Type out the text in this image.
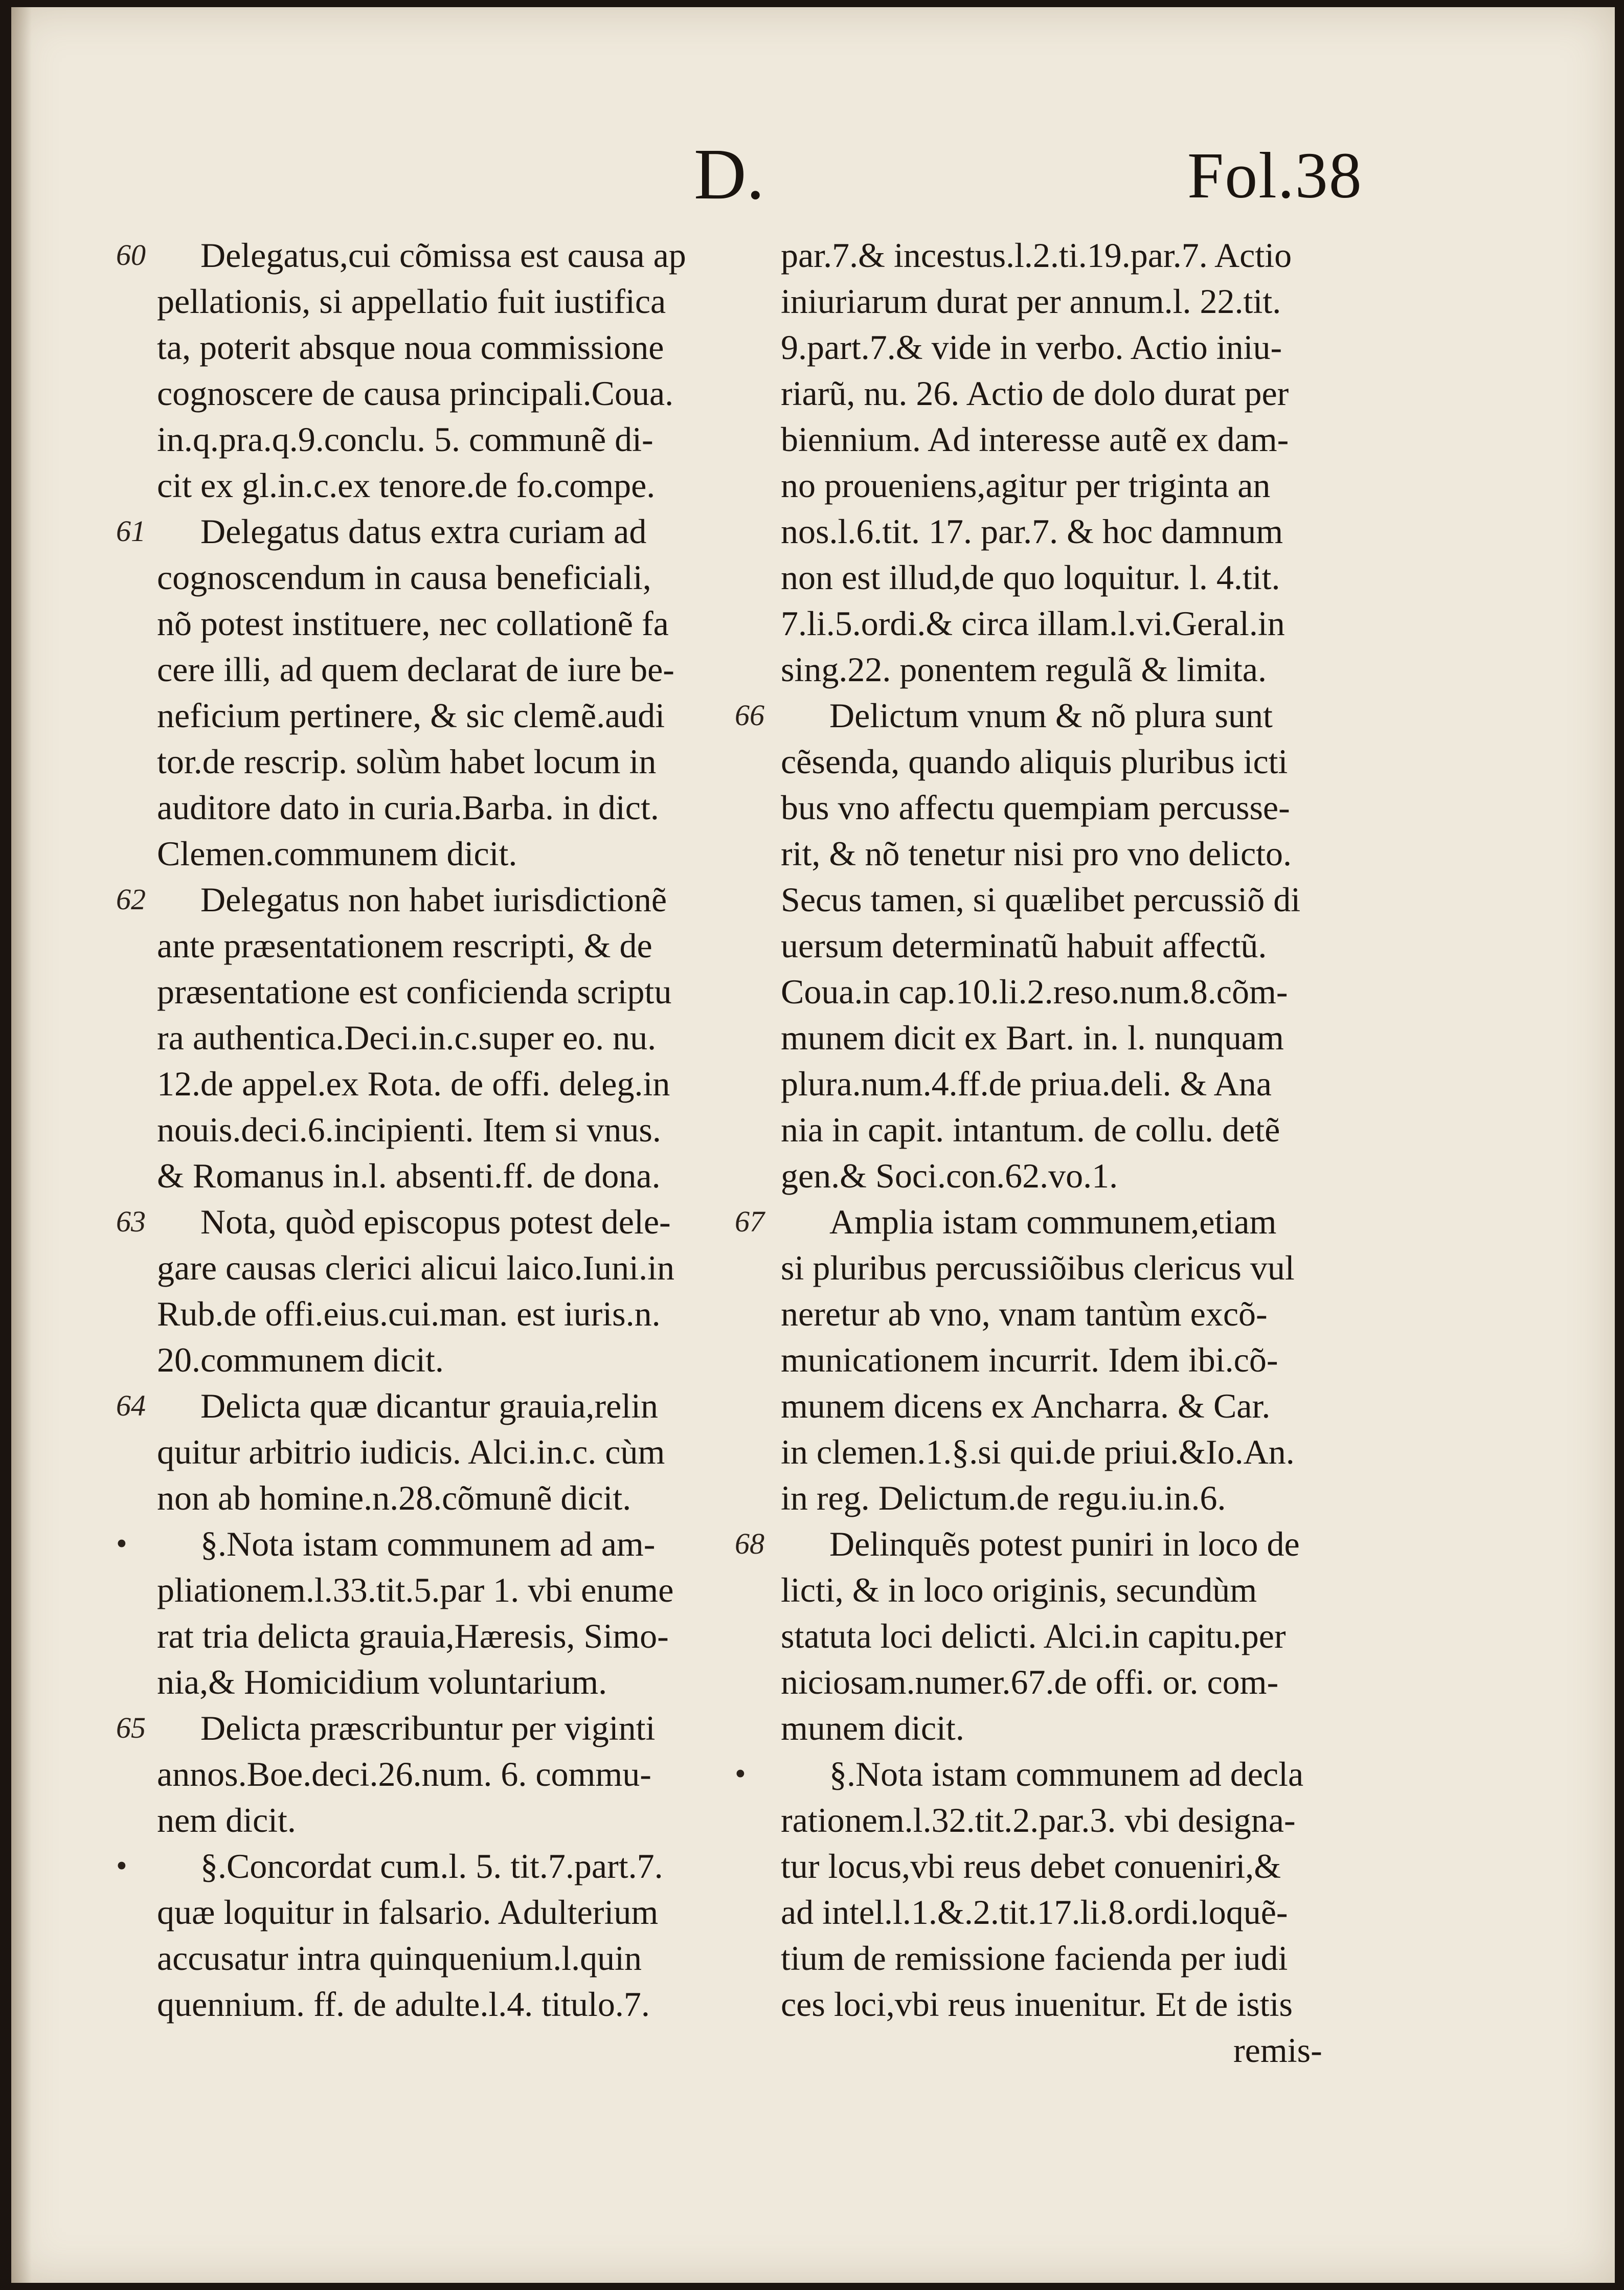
D.	Fol.38
60 Delegatus,cui cõmissa est causa ap
pellationis, si appellatio fuit iustifica
ta, poterit absque noua commissione
cognoscere de causa principali.Coua.
in.q.pra.q.9.conclu. 5. communẽ di-
cit ex gl.in.c.ex tenore.de fo.compe.
61 Delegatus datus extra curiam ad
cognoscendum in causa beneficiali,
nõ potest instituere, nec collationẽ fa
cere illi, ad quem declarat de iure be-
neficium pertinere, & sic clemẽ.audi
tor.de rescrip. solùm habet locum in
auditore dato in curia.Barba. in dict.
Clemen.communem dicit.
62 Delegatus non habet iurisdictionẽ
ante præsentationem rescripti, & de
præsentatione est conficienda scriptu
ra authentica.Deci.in.c.super eo. nu.
12.de appel.ex Rota. de offi. deleg.in
nouis.deci.6.incipienti. Item si vnus.
& Romanus in.l. absenti.ff. de dona.
63 Nota, quòd episcopus potest dele-
gare causas clerici alicui laico.Iuni.in
Rub.de offi.eius.cui.man. est iuris.n.
20.communem dicit.
64 Delicta quæ dicantur grauia,relin
quitur arbitrio iudicis. Alci.in.c. cùm
non ab homine.n.28.cõmunẽ dicit.
• §.Nota istam communem ad am-
pliationem.l.33.tit.5.par 1. vbi enume
rat tria delicta grauia,Hæresis, Simo-
nia,& Homicidium voluntarium.
65 Delicta præscribuntur per viginti
annos.Boe.deci.26.num. 6. commu-
nem dicit.
• §.Concordat cum.l. 5. tit.7.part.7.
quæ loquitur in falsario. Adulterium
accusatur intra quinquenium.l.quin
quennium. ff. de adulte.l.4. titulo.7.
par.7.& incestus.l.2.ti.19.par.7. Actio
iniuriarum durat per annum.l. 22.tit.
9.part.7.& vide in verbo. Actio iniu-
riarũ, nu. 26. Actio de dolo durat per
biennium. Ad interesse autẽ ex dam-
no proueniens,agitur per triginta an
nos.l.6.tit. 17. par.7. & hoc damnum
non est illud,de quo loquitur. l. 4.tit.
7.li.5.ordi.& circa illam.l.vi.Geral.in
sing.22. ponentem regulã & limita.
66 Delictum vnum & nõ plura sunt
cẽsenda, quando aliquis pluribus icti
bus vno affectu quempiam percusse-
rit, & nõ tenetur nisi pro vno delicto.
Secus tamen, si quælibet percussiõ di
uersum determinatũ habuit affectũ.
Coua.in cap.10.li.2.reso.num.8.cõm-
munem dicit ex Bart. in. l. nunquam
plura.num.4.ff.de priua.deli. & Ana
nia in capit. intantum. de collu. detẽ
gen.& Soci.con.62.vo.1.
67 Amplia istam communem,etiam
si pluribus percussiõibus clericus vul
neretur ab vno, vnam tantùm excõ-
municationem incurrit. Idem ibi.cõ-
munem dicens ex Ancharra. & Car.
in clemen.1.§.si qui.de priui.&Io.An.
in reg. Delictum.de regu.iu.in.6.
68 Delinquẽs potest puniri in loco de
licti, & in loco originis, secundùm
statuta loci delicti. Alci.in capitu.per
niciosam.numer.67.de offi. or. com-
munem dicit.
• §.Nota istam communem ad decla
rationem.l.32.tit.2.par.3. vbi designa-
tur locus,vbi reus debet conueniri,&
ad intel.l.1.&.2.tit.17.li.8.ordi.loquẽ-
tium de remissione facienda per iudi
ces loci,vbi reus inuenitur. Et de istis
remis-
